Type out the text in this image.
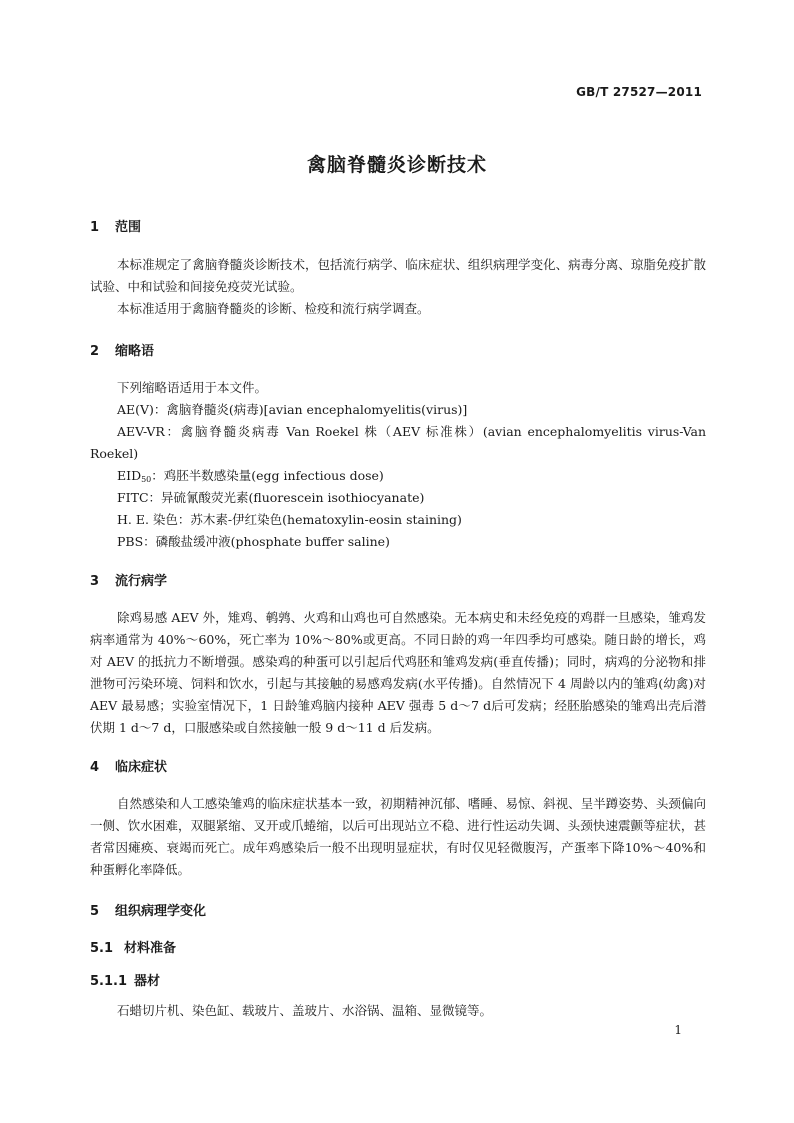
GB/T 27527—2011
禽脑脊髓炎诊断技术
1 范围

本标准规定了禽脑脊髓炎诊断技术，包括流行病学、临床症状、组织病理学变化、病毒分离、琼脂免疫扩散试验、中和试验和间接免疫荧光试验。

本标准适用于禽脑脊髓炎的诊断、检疫和流行病学调查。

2 缩略语

下列缩略语适用于本文件。

AE(V)：禽脑脊髓炎(病毒)[avian encephalomyelitis(virus)]

AEV-VR：禽脑脊髓炎病毒 Van Roekel 株（AEV 标准株）(avian encephalomyelitis virus-Van Roekel)

$EID_{50}$：鸡胚半数感染量(egg infectious dose)

FITC：异硫氰酸荧光素(fluorescein isothiocyanate)

H. E. 染色：苏木素-伊红染色(hematoxylin-eosin staining)

PBS：磷酸盐缓冲液(phosphate buffer saline)

3 流行病学

除鸡易感 AEV 外，雉鸡、鹌鹑、火鸡和山鸡也可自然感染。无本病史和未经免疫的鸡群一旦感染，雏鸡发病率通常为 40%～60%，死亡率为 10%～80%或更高。不同日龄的鸡一年四季均可感染。随日龄的增长，鸡对 AEV 的抵抗力不断增强。感染鸡的种蛋可以引起后代鸡胚和雏鸡发病(垂直传播)；同时，病鸡的分泌物和排泄物可污染环境、饲料和饮水，引起与其接触的易感鸡发病(水平传播)。自然情况下 4 周龄以内的雏鸡(幼禽)对 AEV 最易感；实验室情况下，1 日龄雏鸡脑内接种 AEV 强毒 5 d～7 d后可发病；经胚胎感染的雏鸡出壳后潜伏期 1 d～7 d，口服感染或自然接触一般 9 d～11 d 后发病。

4 临床症状

自然感染和人工感染雏鸡的临床症状基本一致，初期精神沉郁、嗜睡、易惊、斜视、呈半蹲姿势、头颈偏向一侧、饮水困难，双腿紧缩、叉开或爪蜷缩，以后可出现站立不稳、进行性运动失调、头颈快速震颤等症状，甚者常因瘫痪、衰竭而死亡。成年鸡感染后一般不出现明显症状，有时仅见轻微腹泻，产蛋率下降10%～40%和种蛋孵化率降低。

5 组织病理学变化
5.1 材料准备
5.1.1 器材

石蜡切片机、染色缸、载玻片、盖玻片、水浴锅、温箱、显微镜等。

1
